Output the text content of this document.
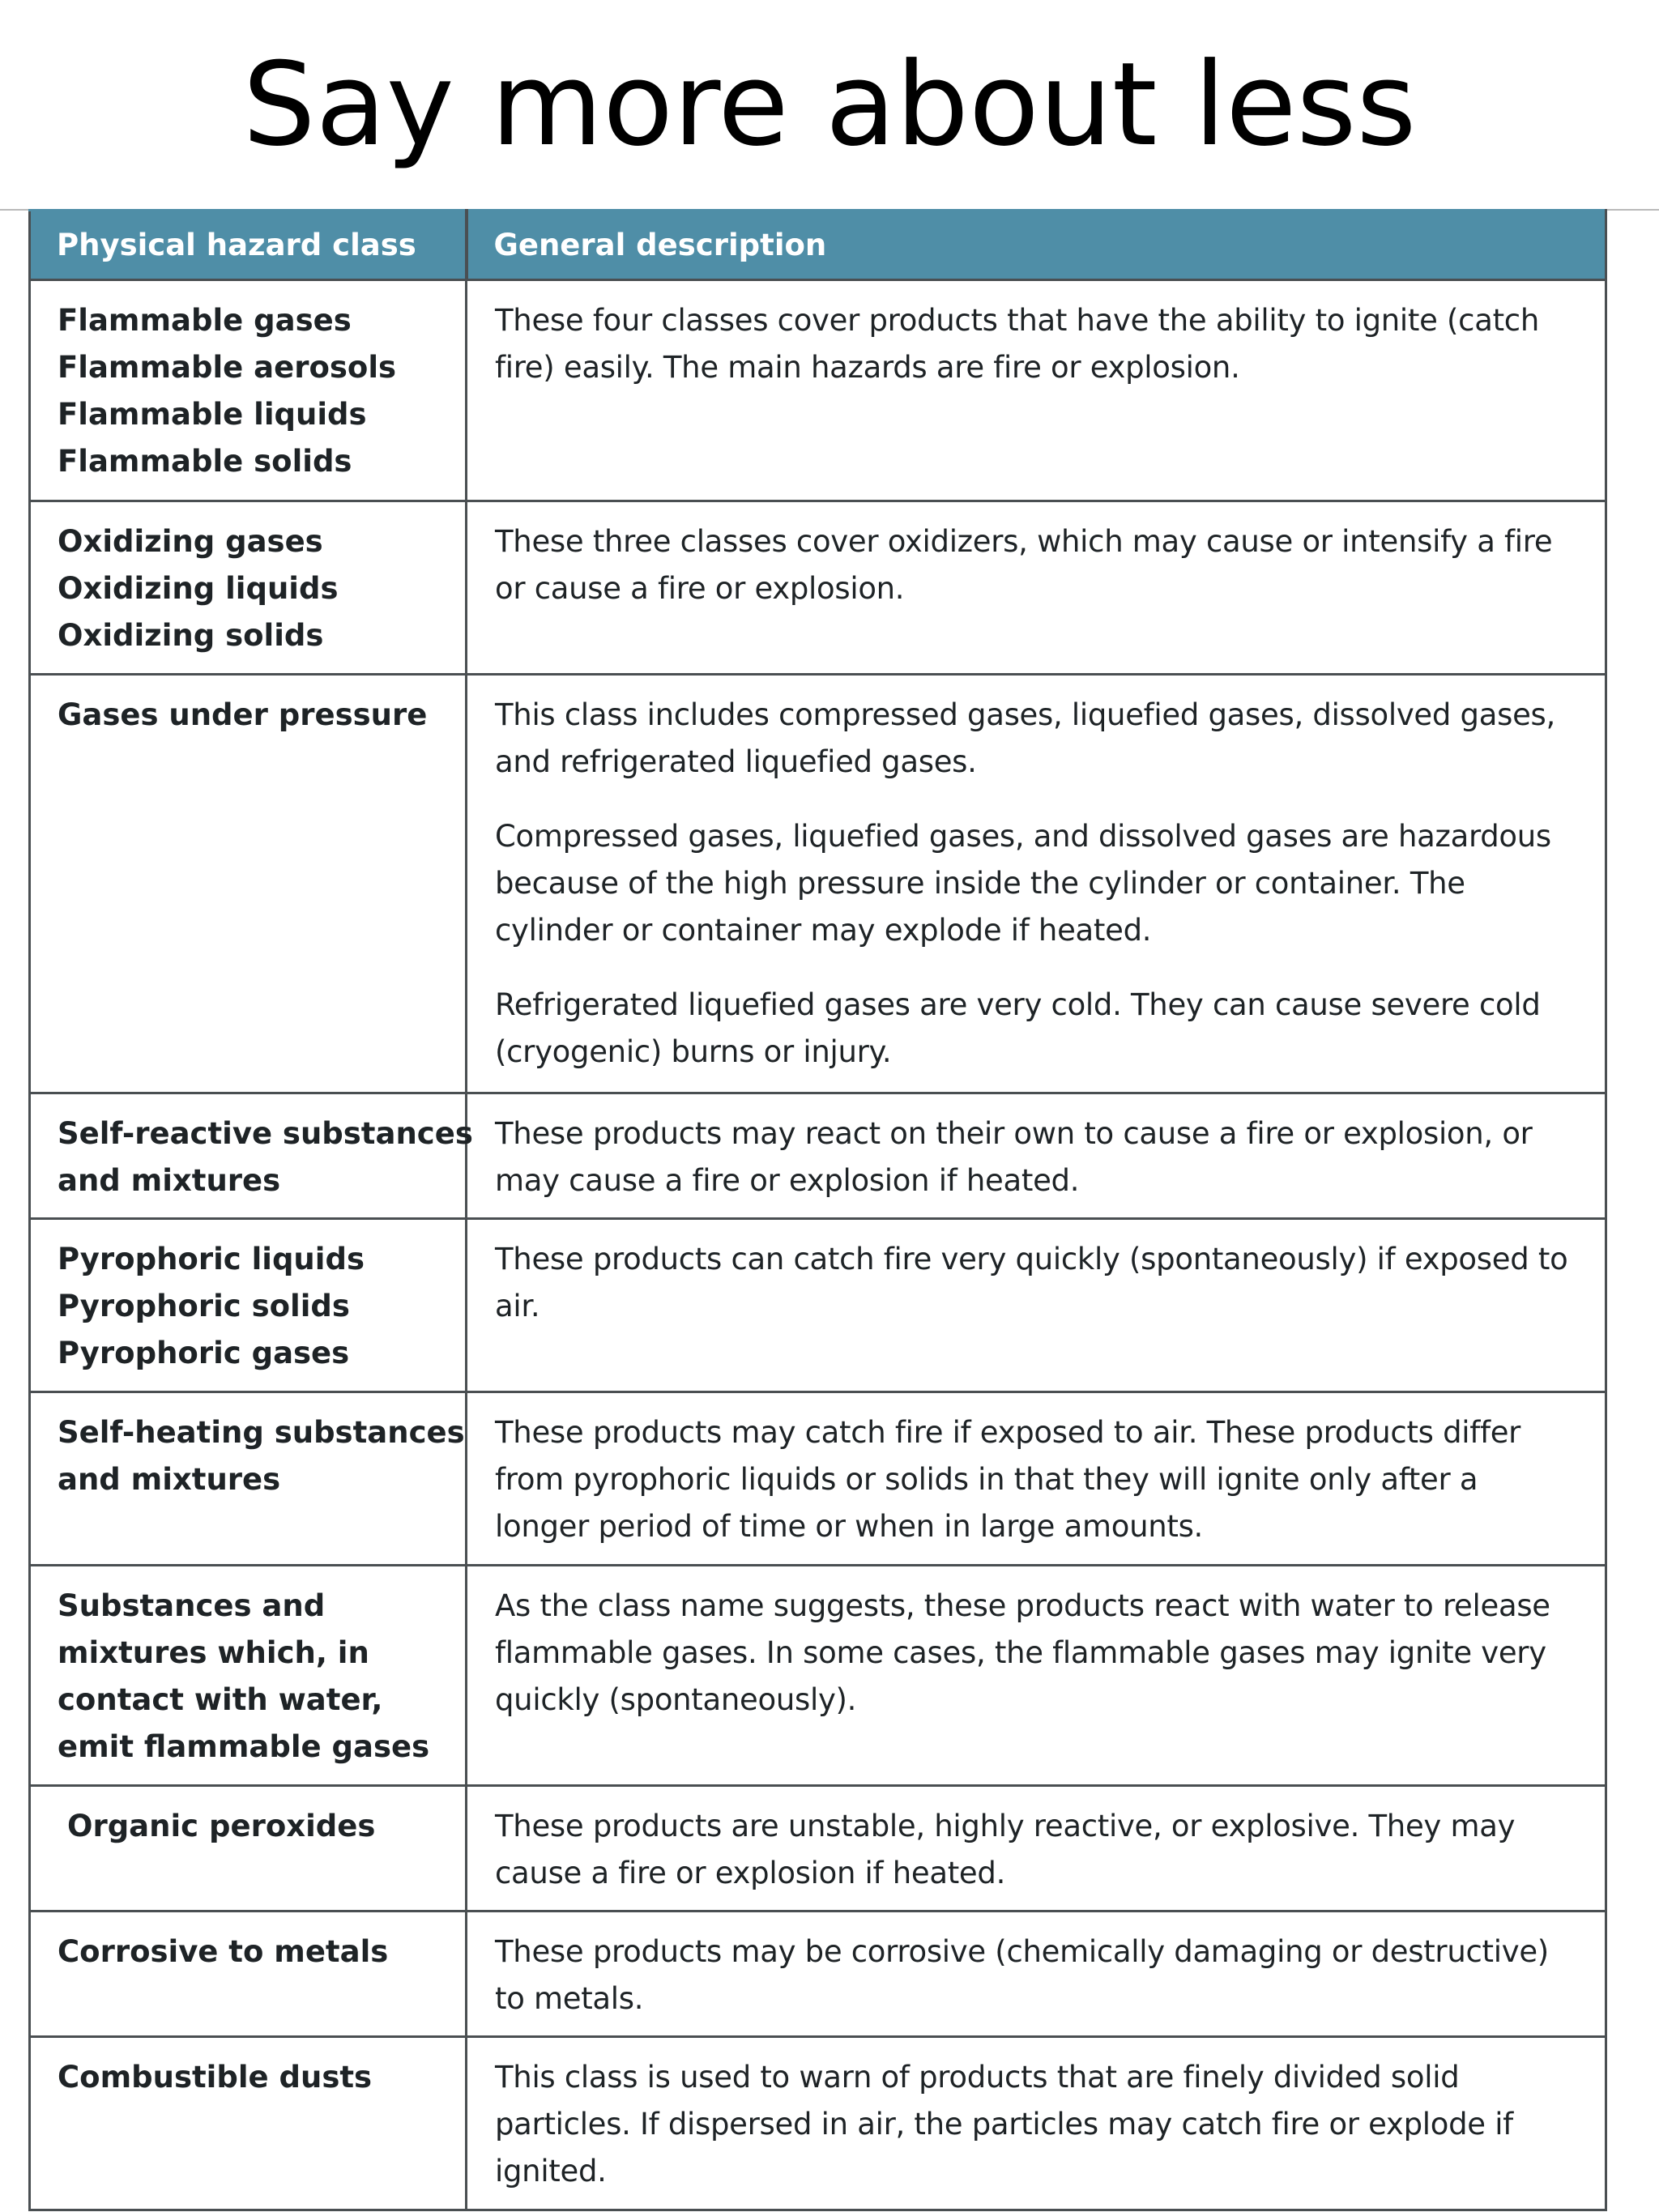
Say more about less
Physical hazard class	General description

Flammable gases
Flammable aerosols
Flammable liquids
Flammable solids	These four classes cover products that have the ability to ignite (catch fire) easily. The main hazards are fire or explosion.

Oxidizing gases
Oxidizing liquids
Oxidizing solids	These three classes cover oxidizers, which may cause or intensify a fire or cause a fire or explosion.

Gases under pressure	This class includes compressed gases, liquefied gases, dissolved gases, and refrigerated liquefied gases.
Compressed gases, liquefied gases, and dissolved gases are hazardous because of the high pressure inside the cylinder or container. The cylinder or container may explode if heated.
Refrigerated liquefied gases are very cold. They can cause severe cold (cryogenic) burns or injury.

Self-reactive substances
and mixtures	These products may react on their own to cause a fire or explosion, or may cause a fire or explosion if heated.

Pyrophoric liquids
Pyrophoric solids
Pyrophoric gases	These products can catch fire very quickly (spontaneously) if exposed to air.

Self-heating substances
and mixtures	These products may catch fire if exposed to air. These products differ from pyrophoric liquids or solids in that they will ignite only after a longer period of time or when in large amounts.

Substances and
mixtures which, in
contact with water,
emit flammable gases	As the class name suggests, these products react with water to release flammable gases. In some cases, the flammable gases may ignite very quickly (spontaneously).

Organic peroxides	These products are unstable, highly reactive, or explosive. They may cause a fire or explosion if heated.

Corrosive to metals	These products may be corrosive (chemically damaging or destructive) to metals.

Combustible dusts	This class is used to warn of products that are finely divided solid particles. If dispersed in air, the particles may catch fire or explode if ignited.
